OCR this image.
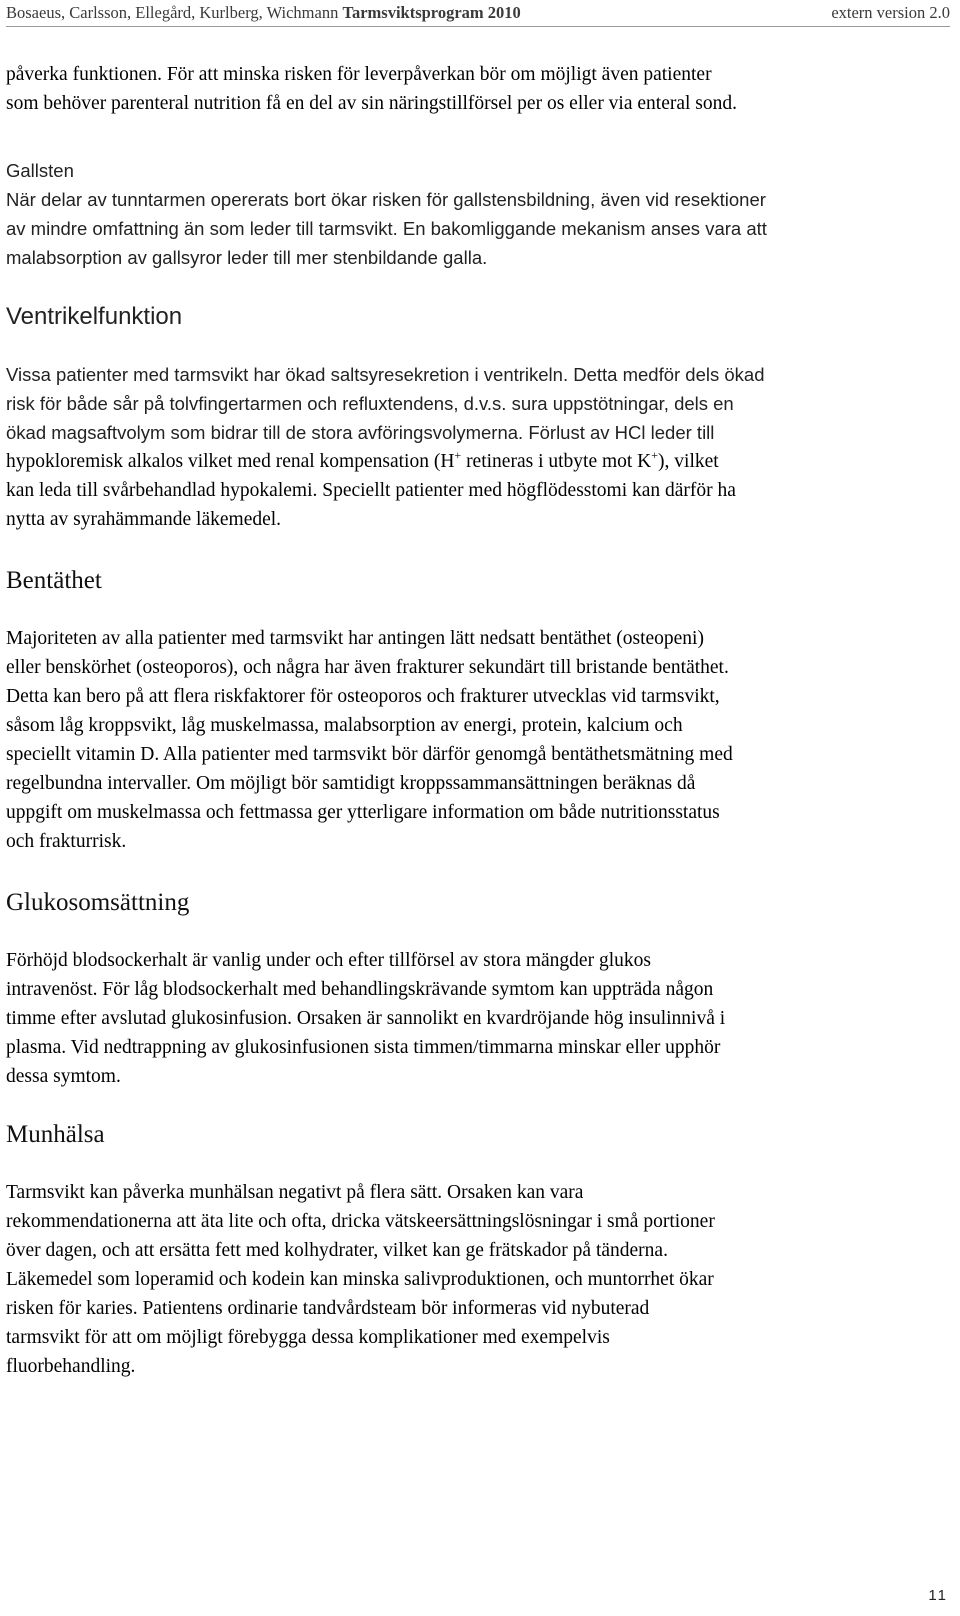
Bosaeus, Carlsson, Ellegård, Kurlberg, Wichmann Tarmsviktsprogram 2010	extern version 2.0
påverka funktionen. För att minska risken för leverpåverkan bör om möjligt även patienter
som behöver parenteral nutrition få en del av sin näringstillförsel per os eller via enteral sond.
Gallsten
När delar av tunntarmen opererats bort ökar risken för gallstensbildning, även vid resektioner
av mindre omfattning än som leder till tarmsvikt. En bakomliggande mekanism anses vara att
malabsorption av gallsyror leder till mer stenbildande galla.
Ventrikelfunktion
Vissa patienter med tarmsvikt har ökad saltsyresekretion i ventrikeln. Detta medför dels ökad
risk för både sår på tolvfingertarmen och refluxtendens, d.v.s. sura uppstötningar, dels en
ökad magsaftvolym som bidrar till de stora avföringsvolymerna. Förlust av HCl leder till
hypokloremisk alkalos vilket med renal kompensation (H+ retineras i utbyte mot K+), vilket
kan leda till svårbehandlad hypokalemi. Speciellt patienter med högflödesstomi kan därför ha
nytta av syrahämmande läkemedel.
Bentäthet
Majoriteten av alla patienter med tarmsvikt har antingen lätt nedsatt bentäthet (osteopeni)
eller benskörhet (osteoporos), och några har även frakturer sekundärt till bristande bentäthet.
Detta kan bero på att flera riskfaktorer för osteoporos och frakturer utvecklas vid tarmsvikt,
såsom låg kroppsvikt, låg muskelmassa, malabsorption av energi, protein, kalcium och
speciellt vitamin D. Alla patienter med tarmsvikt bör därför genomgå bentäthetsmätning med
regelbundna intervaller. Om möjligt bör samtidigt kroppssammansättningen beräknas då
uppgift om muskelmassa och fettmassa ger ytterligare information om både nutritionsstatus
och frakturrisk.
Glukosomsättning
Förhöjd blodsockerhalt är vanlig under och efter tillförsel av stora mängder glukos
intravenöst. För låg blodsockerhalt med behandlingskrävande symtom kan uppträda någon
timme efter avslutad glukosinfusion. Orsaken är sannolikt en kvardröjande hög insulinnivå i
plasma. Vid nedtrappning av glukosinfusionen sista timmen/timmarna minskar eller upphör
dessa symtom.
Munhälsa
Tarmsvikt kan påverka munhälsan negativt på flera sätt. Orsaken kan vara
rekommendationerna att äta lite och ofta, dricka vätskeersättningslösningar i små portioner
över dagen, och att ersätta fett med kolhydrater, vilket kan ge frätskador på tänderna.
Läkemedel som loperamid och kodein kan minska salivproduktionen, och muntorrhet ökar
risken för karies. Patientens ordinarie tandvårdsteam bör informeras vid nybuterad
tarmsvikt för att om möjligt förebygga dessa komplikationer med exempelvis
fluorbehandling.
11
